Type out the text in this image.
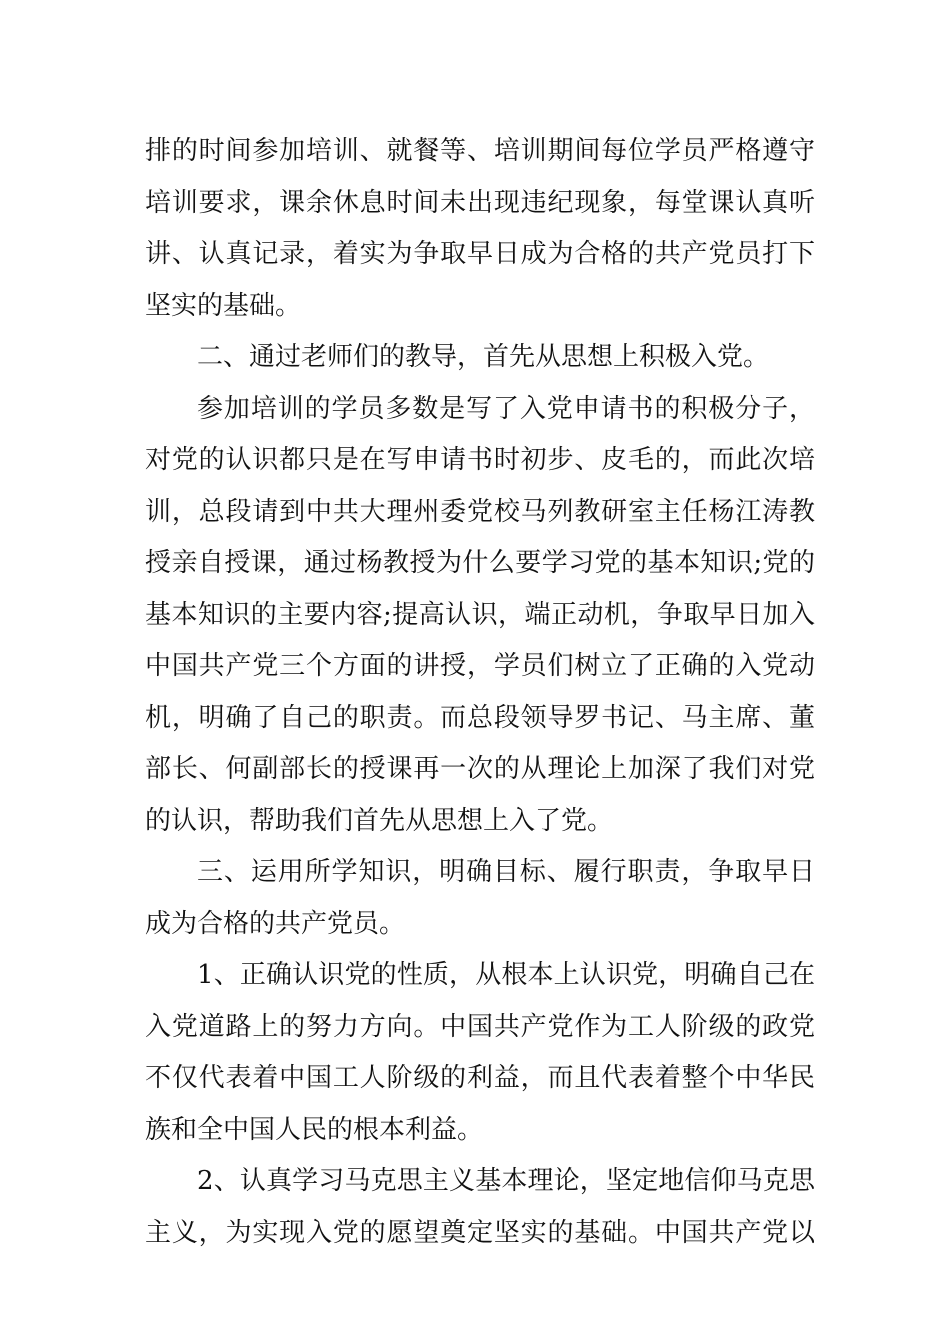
排的时间参加培训、就餐等、培训期间每位学员严格遵守
培训要求，课余休息时间未出现违纪现象，每堂课认真听
讲、认真记录，着实为争取早日成为合格的共产党员打下
坚实的基础。
二、通过老师们的教导，首先从思想上积极入党。
参加培训的学员多数是写了入党申请书的积极分子，
对党的认识都只是在写申请书时初步、皮毛的，而此次培
训，总段请到中共大理州委党校马列教研室主任杨江涛教
授亲自授课，通过杨教授为什么要学习党的基本知识;党的
基本知识的主要内容;提高认识，端正动机，争取早日加入
中国共产党三个方面的讲授，学员们树立了正确的入党动
机，明确了自己的职责。而总段领导罗书记、马主席、董
部长、何副部长的授课再一次的从理论上加深了我们对党
的认识，帮助我们首先从思想上入了党。
三、运用所学知识，明确目标、履行职责，争取早日
成为合格的共产党员。
1、正确认识党的性质，从根本上认识党，明确自己在
入党道路上的努力方向。中国共产党作为工人阶级的政党
不仅代表着中国工人阶级的利益，而且代表着整个中华民
族和全中国人民的根本利益。
2、认真学习马克思主义基本理论，坚定地信仰马克思
主义，为实现入党的愿望奠定坚实的基础。中国共产党以
